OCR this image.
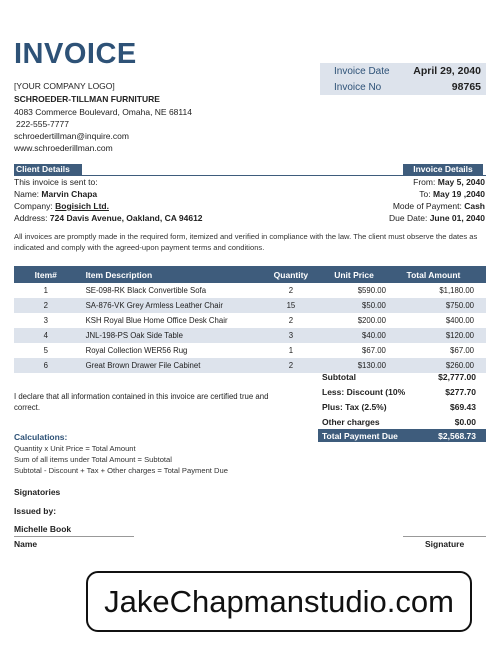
INVOICE
[YOUR COMPANY LOGO]
SCHROEDER-TILLMAN FURNITURE
4083 Commerce Boulevard, Omaha, NE 68114
222-555-7777
schroedertillman@inquire.com
www.schroederillman.com
Invoice Date	April 29, 2040
Invoice No	98765
Client Details	Invoice Details
This invoice is sent to:
Name: Marvin Chapa
Company: Bogisich Ltd.
Address: 724 Davis Avenue, Oakland, CA 94612
From: May 5, 2040
To: May 19 ,2040
Mode of Payment: Cash
Due Date: June 01, 2040
All invoices are promptly made in the required form, itemized and verified in compliance with the law. The client must observe the dates as indicated and comply with the agreed-upon payment terms and conditions.
Item#	Item Description	Quantity	Unit Price	Total Amount
1	SE-098-RK Black Convertible Sofa	2	$590.00	$1,180.00
2	SA-876-VK Grey Armless Leather Chair	15	$50.00	$750.00
3	KSH Royal Blue Home Office Desk Chair	2	$200.00	$400.00
4	JNL-198-PS Oak Side Table	3	$40.00	$120.00
5	Royal Collection WER56 Rug	1	$67.00	$67.00
6	Great Brown Drawer File Cabinet	2	$130.00	$260.00
Subtotal	$2,777.00
Less: Discount (10%	$277.70
Plus: Tax (2.5%)	$69.43
Other charges	$0.00
Total Payment Due	$2,568.73
I declare that all information contained in this invoice are certified true and correct.
Calculations:
Quantity x Unit Price = Total Amount
Sum of all items under Total Amount = Subtotal
Subtotal - Discount + Tax + Other charges = Total Payment Due
Signatories
Issued by:
Michelle Book
Name	Signature
JakeChapmanstudio.com
